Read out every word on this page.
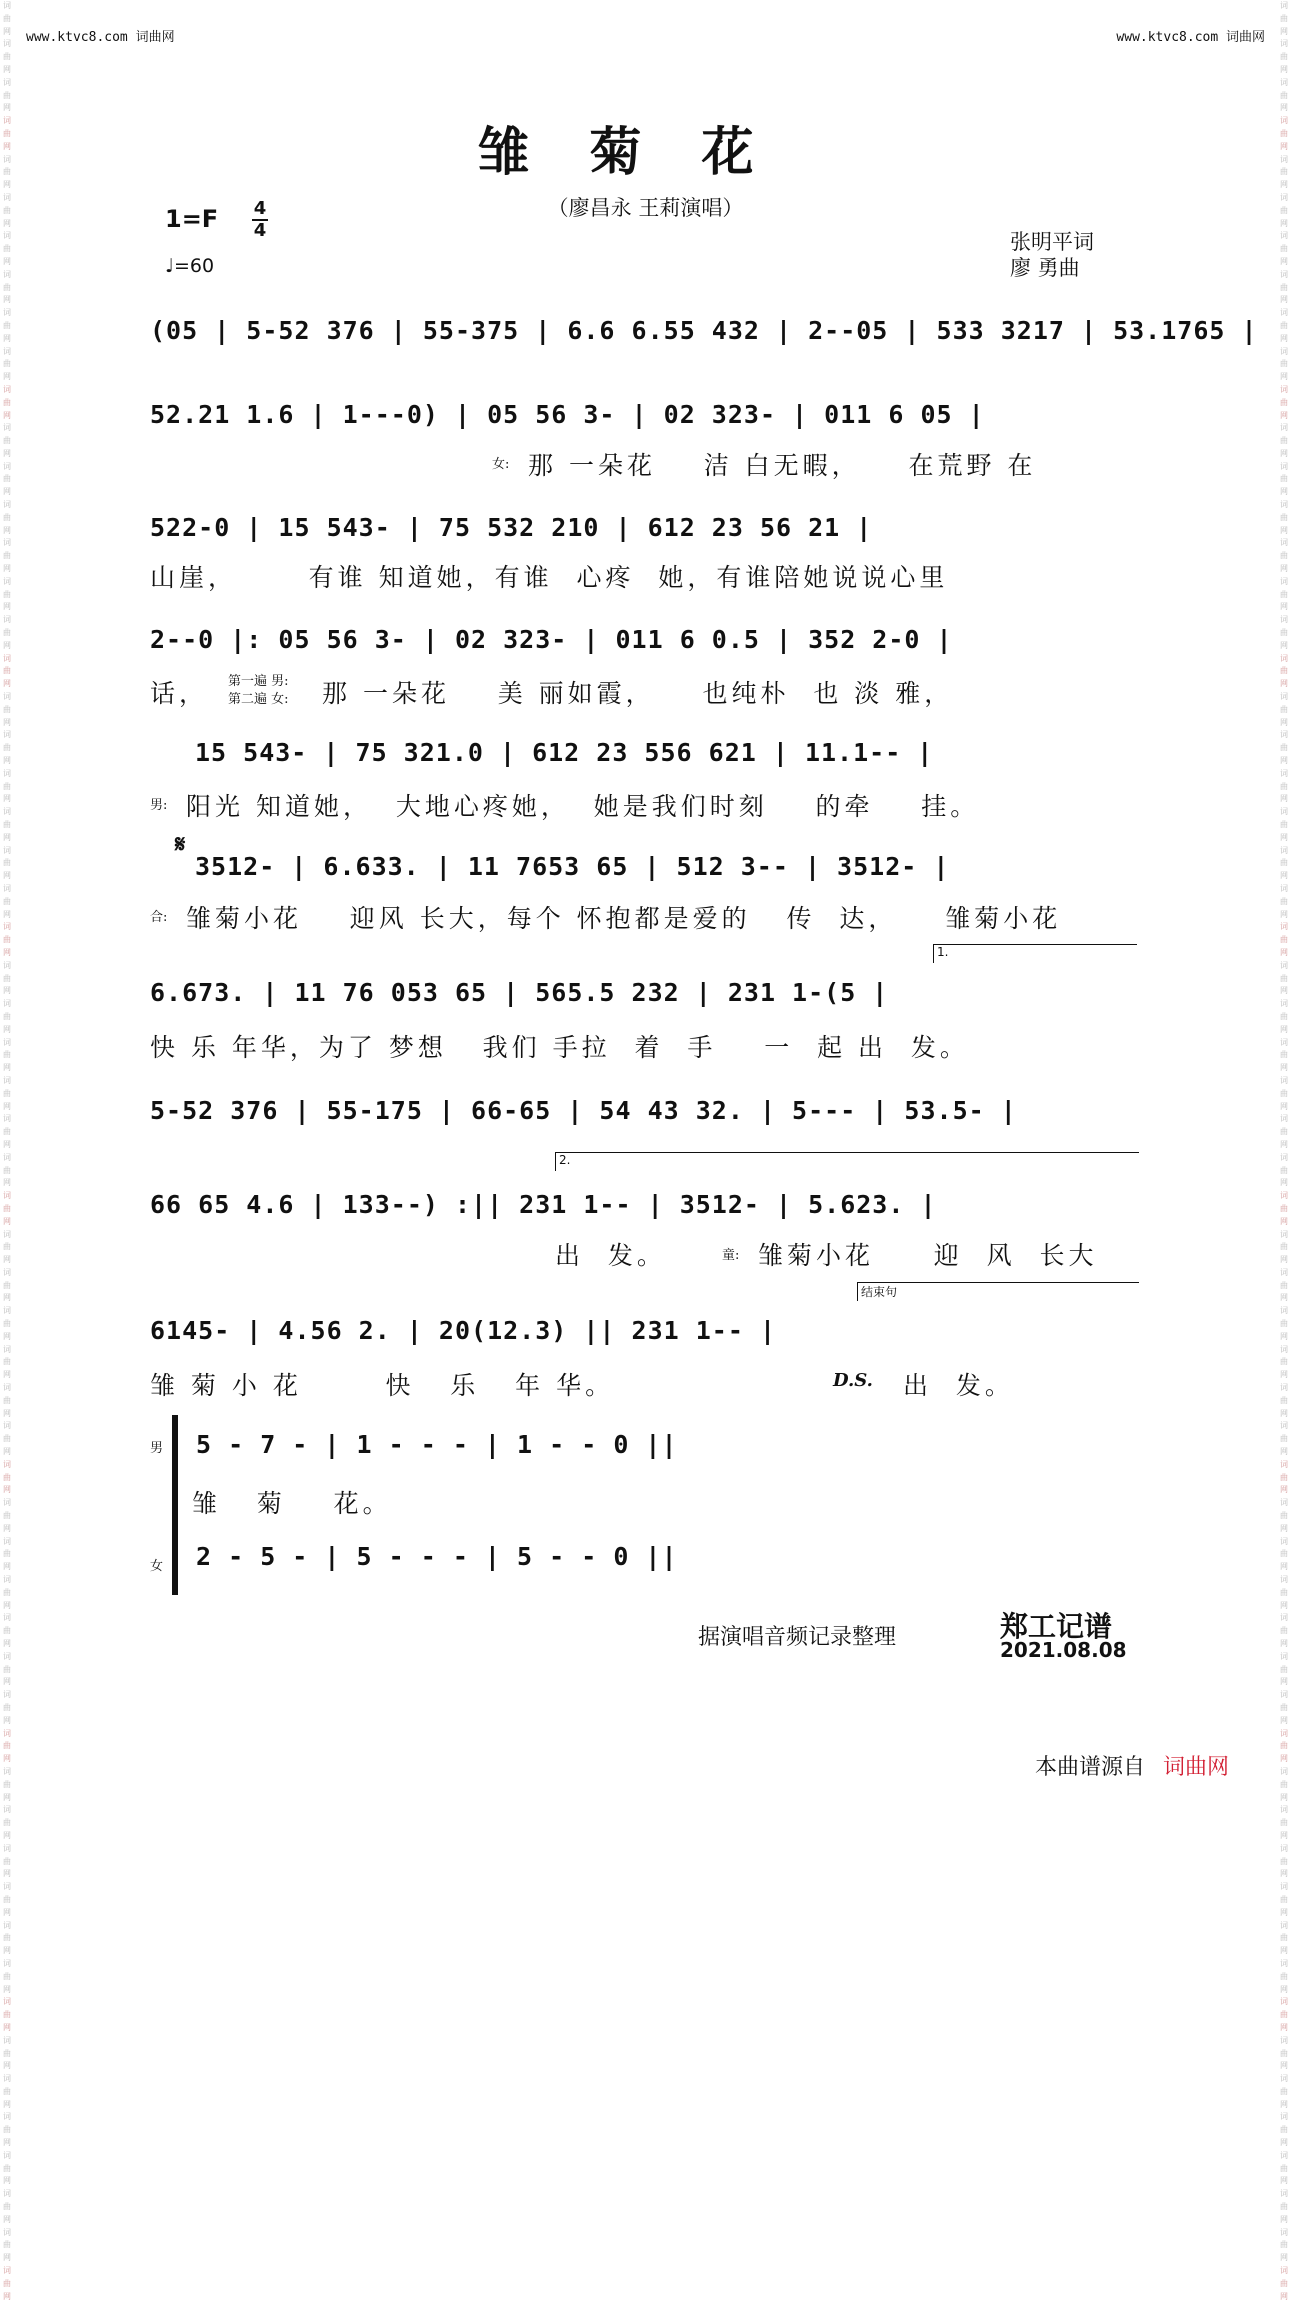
词曲网
词曲网
词曲网
词曲网
词曲网
词曲网
词曲网
词曲网
词曲网
词曲网
词曲网
词曲网
词曲网
词曲网
词曲网
词曲网
词曲网
词曲网
词曲网
词曲网
词曲网
词曲网
词曲网
词曲网
词曲网
词曲网
词曲网
词曲网
词曲网
词曲网
词曲网
词曲网
词曲网
词曲网
词曲网
词曲网
词曲网
词曲网
词曲网
词曲网
词曲网
词曲网
词曲网
词曲网
词曲网
词曲网
词曲网
词曲网
词曲网
词曲网
词曲网
词曲网
词曲网
词曲网
词曲网
词曲网
词曲网
词曲网
词曲网
词曲网
词曲网
词曲网
词曲网
词曲网
词曲网
词曲网
词曲网
词曲网
词曲网
词曲网
词曲网
词曲网
词曲网
词曲网
词曲网
词曲网
词曲网
词曲网
词曲网
词曲网
词曲网
词曲网
词曲网
词曲网
词曲网
词曲网
词曲网
词曲网
词曲网
词曲网
词曲网
词曲网
词曲网
词曲网
词曲网
词曲网
词曲网
词曲网
词曲网
词曲网
词曲网
词曲网
词曲网
词曲网
词曲网
词曲网
词曲网
词曲网
词曲网
词曲网
词曲网
词曲网
词曲网
词曲网
词曲网
词曲网
词曲网
词曲网
词曲网
词曲网
www.ktvc8.com 词曲网	www.ktvc8.com 词曲网
雏菊花
（廖昌永 王莉演唱）
1=F 4
4
♩=60
张明平词
廖 勇曲
(05 | 5-52 376 | 55-375 | 6.6 6.55 432 | 2--05 | 533 3217 | 53.1765 |
52.21 1.6 | 1---0) | 05 56 3- | 02 323- | 011 6 05 |
女: 那 一朵花    洁 白无暇，    在荒野 在
522-0 | 15 543- | 75 532 210 | 612 23 56 21 |
山崖，      有谁 知道她，有谁  心疼  她，有谁陪她说说心里
2--0 |: 05 56 3- | 02 323- | 011 6 0.5 | 352 2-0 |
话， 第一遍 男:
第二遍 女: 那 一朵花    美 丽如霞，    也纯朴  也 淡 雅，
15 543- | 75 321.0 | 612 23 556 621 | 11.1-- |
男: 阳光 知道她，  大地心疼她，  她是我们时刻    的牵    挂。
𝄋
3512- | 6.633. | 11 7653 65 | 512 3-- | 3512- |
合: 雏菊小花    迎风 长大，每个 怀抱都是爱的   传  达，    雏菊小花
1.
6.673. | 11 76 053 65 | 565.5 232 | 231 1-(5 |
快 乐 年华，为了 梦想   我们 手拉  着  手    一  起 出  发。
5-52 376 | 55-175 | 66-65 | 54 43 32. | 5--- | 53.5- |
2.
66 65 4.6 | 133--) :|| 231 1-- | 3512- | 5.623. |
出  发。	童: 雏菊小花     迎  风  长大
结束句
6145- | 4.56 2. | 20(12.3) || 231 1-- |
雏 菊 小 花       快   乐   年 华。	D.S. 出  发。
男
女
5 - 7 - | 1 - - - | 1 - - 0 ||
雏   菊    花。
2 - 5 - | 5 - - - | 5 - - 0 ||
据演唱音频记录整理	郑工记谱
2021.08.08
本曲谱源自 词曲网
